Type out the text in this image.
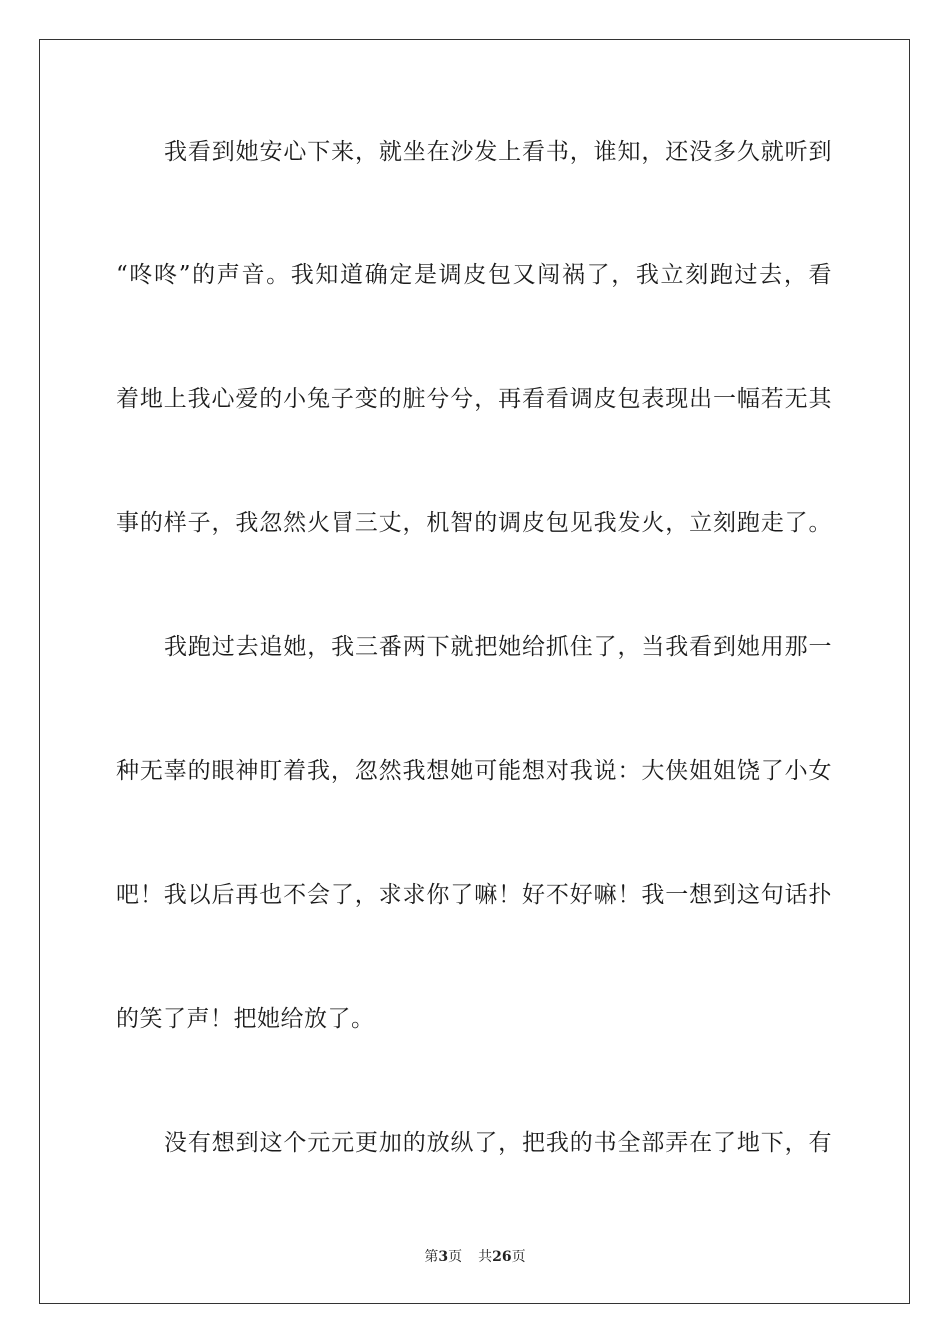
我看到她安心下来，就坐在沙发上看书，谁知，还没多久就听到
“咚咚”的声音。我知道确定是调皮包又闯祸了，我立刻跑过去，看
着地上我心爱的小兔子变的脏兮兮，再看看调皮包表现出一幅若无其
事的样子，我忽然火冒三丈，机智的调皮包见我发火，立刻跑走了。
我跑过去追她，我三番两下就把她给抓住了，当我看到她用那一
种无辜的眼神盯着我，忽然我想她可能想对我说：大侠姐姐饶了小女
吧！我以后再也不会了，求求你了嘛！好不好嘛！我一想到这句话扑
的笑了声！把她给放了。
没有想到这个元元更加的放纵了，把我的书全部弄在了地下，有
第3页 共26页
